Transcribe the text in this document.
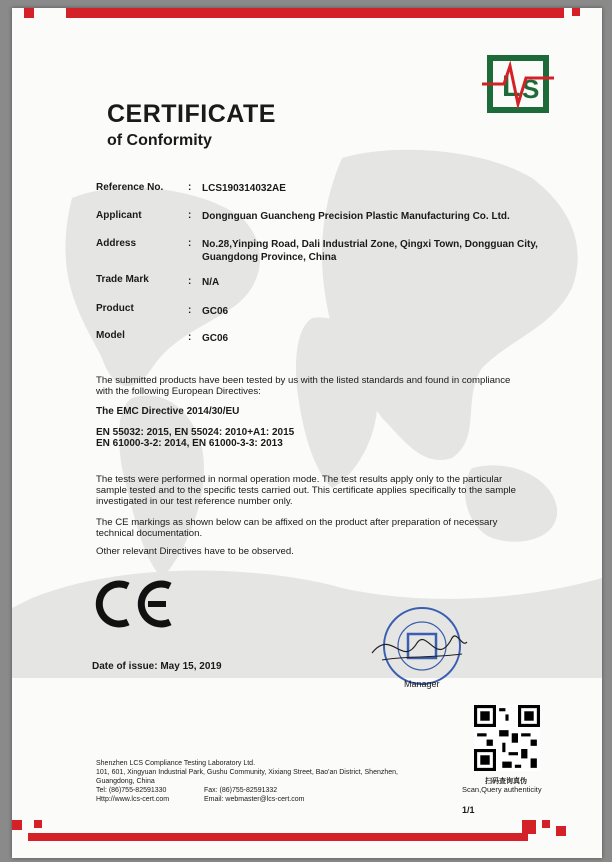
L S
CERTIFICATE
of Conformity
Reference No. : LCS190314032AE
Applicant	: Dongnguan Guancheng Precision Plastic Manufacturing Co. Ltd.
Address	: No.28,Yinping Road, Dali Industrial Zone, Qingxi Town, Dongguan City,
Guangdong Province, China
Trade Mark	: N/A
Product	: GC06
Model	: GC06
The submitted products have been tested by us with the listed standards and found in compliance
with the following European Directives:
The EMC Directive 2014/30/EU
EN 55032: 2015, EN 55024: 2010+A1: 2015
EN 61000-3-2: 2014, EN 61000-3-3: 2013
The tests were performed in normal operation mode. The test results apply only to the particular
sample tested and to the specific tests carried out. This certificate applies specifically to the sample
investigated in our test reference number only.
The CE markings as shown below can be affixed on the product after preparation of necessary
technical documentation.
Other relevant Directives have to be observed.
Date of issue: May 15, 2019
Manager
扫码查询真伪
Scan,Query authenticity
Shenzhen LCS Compliance Testing Laboratory Ltd.
101, 601, Xingyuan Industrial Park, Gushu Community, Xixiang Street, Bao'an District, Shenzhen,
Guangdong, China
Tel: (86)755-82591330	Fax: (86)755-82591332
Http://www.lcs-cert.com	Email: webmaster@lcs-cert.com
1/1
